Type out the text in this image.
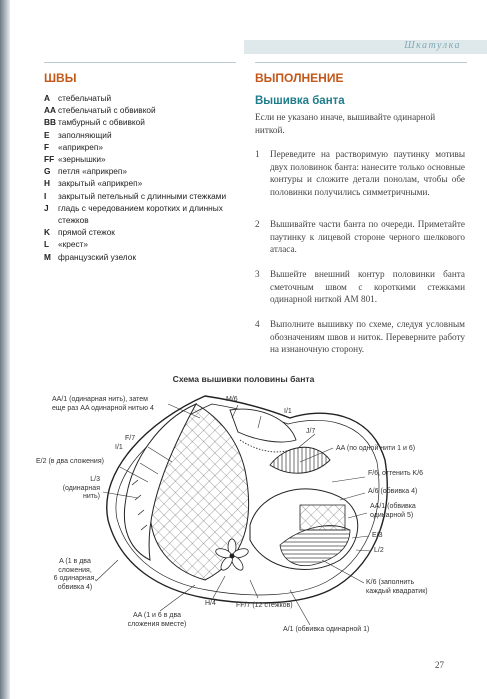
Шкатулка
ШВЫ
A стебельчатый
AA стебельчатый с обвивкой
BB тамбурный с обвивкой
E	заполняющий
F	«априкреп»
FF «зернышки»
G петля «априкреп»
H закрытый «априкреп»
I	закрытый петельный с длинными стежками
J	гладь с чередованием коротких и длинных стежков
K прямой стежок
L	«крест»
M французский узелок
ВЫПОЛНЕНИЕ
Вышивка банта
Если не указано иначе, вышивайте одинарной ниткой.
1	Переведите на растворимую паутинку мотивы двух половинок банта: нанесите только основные контуры и сложите детали понолам, чтобы обе половинки получились симметричными.
2	Вышивайте части банта по очереди. Приметайте паутинку к лицевой стороне черного шелкового атласа.
3	Вышейте внешний контур половинки банта сметочным швом с короткими стежками одинарной ниткой AM 801.
4	Выполните вышивку по схеме, следуя условным обозначениям швов и ниток. Переверните работу на изнаночную сторону.
Схема вышивки половины банта
AA/1 (одинарная нить), затем
еще раз AA одинарной нитью 4
M/6
I/1
J/7
F/7
I/1
E/2 (в два сложения)
L/3
(одинарная
нить)
AA (по одной нити 1 и 6)
F/6, оттенить K/6
A/6 (обвивка 4)
AA/1 (обвивка
одинарной 5)
E/3
L/2
K/6 (заполнить
каждый квадратик)
A (1 в два
сложения,
6 одинарная,
обвивка 4)
AA (1 и 6 в два
сложения вместе)
H/4	FF/7 (12 стежков)
A/1 (обвивка одинарной 1)
27
